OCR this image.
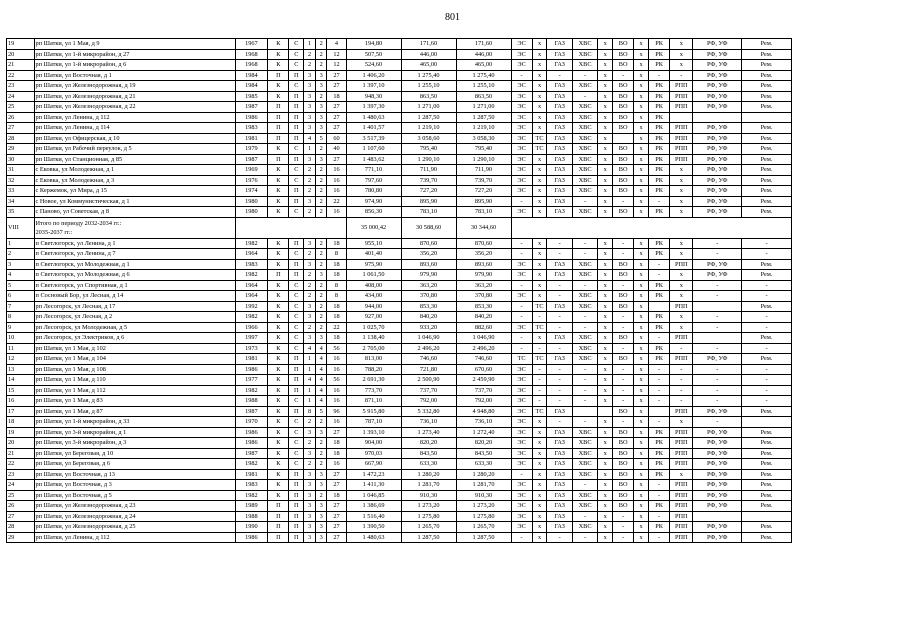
801
19	рп Шатки, ул 1 Мая, д 9	1967	К	С	1	2	4	194,80	171,60	171,60	ЭС	х	ГАЗ	ХВС	х	ВО	х	РК	х	РФ, УФ	Рем.
20	рп Шатки, ул 1-й микрорайон, д 27	1968	К	С	2	2	12	507,50	446,00	446,00	ЭС	х	ГАЗ	ХВС	х	ВО	х	РК	х	РФ, УФ	Рем.
21	рп Шатки, ул 1-й микрорайон, д 6	1968	К	С	2	2	12	524,60	465,00	465,00	ЭС	х	ГАЗ	ХВС	х	ВО	х	РК	х	РФ, УФ	Рем.
22	рп Шатки, ул Восточная, д 1	1984	П	П	3	3	27	1 406,20	1 275,40	1 275,40	-	х	-	-	х	-	х	-	-	РФ, УФ	Рем.
23	рп Шатки, ул Железнодорожная, д 19	1984	К	С	3	3	27	1 397,10	1 255,10	1 255,10	ЭС	х	ГАЗ	ХВС	х	ВО	х	РК	РПП	РФ, УФ	Рем.
24	рп Шатки, ул Железнодорожная, д 21	1985	К	П	3	2	18	948,30	863,50	863,50	ЭС	х	ГАЗ	-	х	ВО	х	РК	РПП	РФ, УФ	Рем.
25	рп Шатки, ул Железнодорожная, д 22	1987	П	П	3	3	27	1 397,30	1 271,00	1 271,00	ЭС	х	ГАЗ	ХВС	х	ВО	х	РК	РПП	РФ, УФ	Рем.
26	рп Шатки, ул Ленина, д 112	1986	П	П	3	3	27	1 480,63	1 287,50	1 287,50	ЭС	х	ГАЗ	ХВС	х	ВО	х	РК			
27	рп Шатки, ул Ленина, д 114	1983	П	П	3	3	27	1 401,57	1 219,10	1 219,10	ЭС	х	ГАЗ	ХВС	х	ВО	х	РК	РПП	РФ, УФ	Рем.
28	рп Шатки, ул Офицерская, д 10	1981	П	П	4	5	60	3 517,39	3 058,60	3 058,30	ЭС	ТС	ГАЗ	ХВС	х		х	РК	РПП	РФ, УФ	Рем.
29	рп Шатки, ул Рабочий переулок, д 5	1979	К	С	1	2	40	1 107,60	795,40	795,40	ЭС	ТС	ГАЗ	ХВС	х	ВО	х	РК	РПП	РФ, УФ	Рем.
30	рп Шатки, ул Станционная, д 85	1987	П	П	3	3	27	1 483,62	1 290,10	1 290,10	ЭС	х	ГАЗ	ХВС	х	ВО	х	РК	РПП	РФ, УФ	Рем.
31	с Ековка, ул Молодежная, д 1	1969	К	С	2	2	16	771,10	711,90	711,90	ЭС	х	ГАЗ	ХВС	х	ВО	х	РК	х	РФ, УФ	Рем.
32	с Ековка, ул Молодежная, д 3	1976	К	С	2	2	16	797,60	739,70	739,70	ЭС	х	ГАЗ	ХВС	х	ВО	х	РК	х	РФ, УФ	Рем.
33	с Кержемок, ул Мира, д 15	1974	К	П	2	2	16	780,80	727,20	727,20	ЭС	х	ГАЗ	ХВС	х	ВО	х	РК	х	РФ, УФ	Рем.
34	с Новое, ул Коммунистическая, д 1	1980	К	П	3	2	22	974,90	895,90	895,90	-	х	ГАЗ	-	х	-	х	-	х	РФ, УФ	Рем.
35	с Паново, ул Советская, д 8	1980	К	С	2	2	16	856,30	783,10	783,10	ЭС	х	ГАЗ	ХВС	х	ВО	х	РК	х	РФ, УФ	Рем.
VIII	Итого по периоду 2032-2034 гг.:
2035-2037 гг.:							35 000,42	30 588,60	30 344,60											
1	п Светлогорск, ул Ленина, д 1	1982	К	П	3	2	18	955,10	870,60	870,60	-	х	-	-	х	-	х	РК	х	-	-
2	п Светлогорск, ул Ленина, д 7	1964	К	С	2	2	8	401,40	356,20	356,20	-	х	-	-	х	-	х	РК	х	-	-
3	п Светлогорск, ул Молодежная, д 1	1983	К	П	3	2	18	975,90	893,60	893,60	ЭС	х	ГАЗ	ХВС	х	ВО	х	-	РПП	РФ, УФ	Рем.
4	п Светлогорск, ул Молодежная, д 6	1982	П	П	2	3	18	1 061,50	979,90	979,90	ЭС	х	ГАЗ	ХВС	х	ВО	х	-	х	РФ, УФ	Рем.
5	п Светлогорск, ул Спортивная, д 1	1964	К	С	2	2	8	408,00	363,20	363,20	-	х	-	-	х	-	х	РК	х	-	-
6	п Сосновый Бор, ул Лесная, д 14	1964	К	С	2	2	8	434,00	370,80	370,80	ЭС	х	-	ХВС	х	ВО	х	РК	х	-	-
7	рп Лесогорск, ул Лесная, д 17	1992	К	С	3	2	18	944,00	853,30	853,30	-	ТС	ГАЗ	ХВС	х	ВО	х		РПП		Рем.
8	рп Лесогорск, ул Лесная, д 2	1982	К	С	3	2	18	927,00	840,20	840,20	-	-	-	-	х	-	х	РК	х	-	-
9	рп Лесогорск, ул Молодежная, д 5	1966	К	С	2	2	22	1 025,70	933,20	882,60	ЭС	ТС	-	-	х	-	х	РК	х	-	-
10	рп Лесогорск, ул Электриков, д 6	1997	К	С	3	3	18	1 138,40	1 046,90	1 046,90	-	х	ГАЗ	ХВС	х	ВО	х	-	РПП		Рем.
11	рп Шатки, ул 1 Мая, д 102	1973	К	С	4	4	56	2 705,00	2 496,20	2 496,20	-	-	-	ХВС	х	-	х	РК	-	-	-
12	рп Шатки, ул 1 Мая, д 104	1981	К	П	1	4	16	813,00	746,60	746,60	ТС	ТС	ГАЗ	ХВС	х	ВО	х	РК	РПП	РФ, УФ	Рем.
13	рп Шатки, ул 1 Мая, д 108	1986	К	П	1	4	16	788,20	721,80	670,60	ЭС	-	-	-	х	-	х	-	-	-	-
14	рп Шатки, ул 1 Мая, д 110	1977	К	П	4	4	56	2 691,30	2 500,90	2 459,90	ЭС	-	-	-	х	-	х	-	-	-	-
15	рп Шатки, ул 1 Мая, д 112	1982	К	П	1	4	16	773,70	737,70	737,70	ЭС	-	-	-	х	-	х	-	-	-	-
16	рп Шатки, ул 1 Мая, д 83	1988	К	С	1	4	16	871,10	792,00	792,00	ЭС	-	-	-	х	-	х	-	-	-	-
17	рп Шатки, ул 1 Мая, д 87	1987	К	П	8	5	96	5 915,80	5 332,80	4 948,80	ЭС	ТС	ГАЗ			ВО	х		РПП	РФ, УФ	Рем.
18	рп Шатки, ул 1-й микрорайон, д 33	1970	К	С	2	2	16	787,10	736,10	736,10	ЭС	х	-	-	х	-	х	-	х	-	
19	рп Шатки, ул 3-й микрорайон, д 1	1986	К	С	3	3	27	1 393,10	1 273,40	1 272,40	ЭС	х	ГАЗ	ХВС	х	ВО	х	РК	РПП	РФ, УФ	Рем.
20	рп Шатки, ул 3-й микрорайон, д 3	1986	К	С	2	2	18	904,00	820,20	820,20	ЭС	х	ГАЗ	ХВС	х	ВО	х	РК	РПП	РФ, УФ	Рем.
21	рп Шатки, ул Береговая, д 10	1987	К	С	3	2	18	970,03	843,50	843,50	ЭС	х	ГАЗ	ХВС	х	ВО	х	РК	РПП	РФ, УФ	Рем.
22	рп Шатки, ул Береговая, д 6	1982	К	С	2	2	16	667,90	633,30	633,30	ЭС	х	ГАЗ	ХВС	х	ВО	х	РК	РПП	РФ, УФ	Рем.
23	рп Шатки, ул Восточная, д 13	1981	К	П	3	3	27	1 472,23	1 280,20	1 280,20	-	х	ГАЗ	ХВС	х	ВО	х	РК	х	РФ, УФ	Рем.
24	рп Шатки, ул Восточная, д 3	1983	К	П	3	3	27	1 411,30	1 281,70	1 281,70	ЭС	х	ГАЗ	-	х	ВО	х	-	РПП	РФ, УФ	Рем.
25	рп Шатки, ул Восточная, д 5	1982	К	П	3	2	18	1 046,85	910,30	910,30	ЭС	х	ГАЗ	ХВС	х	ВО	х	-	РПП	РФ, УФ	Рем.
26	рп Шатки, ул Железнодорожная, д 23	1989	П	П	3	3	27	1 386,69	1 273,20	1 273,20	ЭС	х	ГАЗ	ХВС	х	ВО	х	РК	РПП	РФ, УФ	Рем.
27	рп Шатки, ул Железнодорожная, д 24	1988	П	П	3	3	27	1 516,40	1 275,80	1 275,80	ЭС	х	ГАЗ	-	х	-	х	-	РПП		
28	рп Шатки, ул Железнодорожная, д 25	1990	П	П	3	3	27	1 390,50	1 265,70	1 265,70	ЭС	х	ГАЗ	ХВС	х	-	х	РК	РПП	РФ, УФ	Рем.
29	рп Шатки, ул Ленина, д 112	1986	П	П	3	3	27	1 480,63	1 287,50	1 287,50	-	х	-	-	х	-	х	-	РПП	РФ, УФ	Рем.
